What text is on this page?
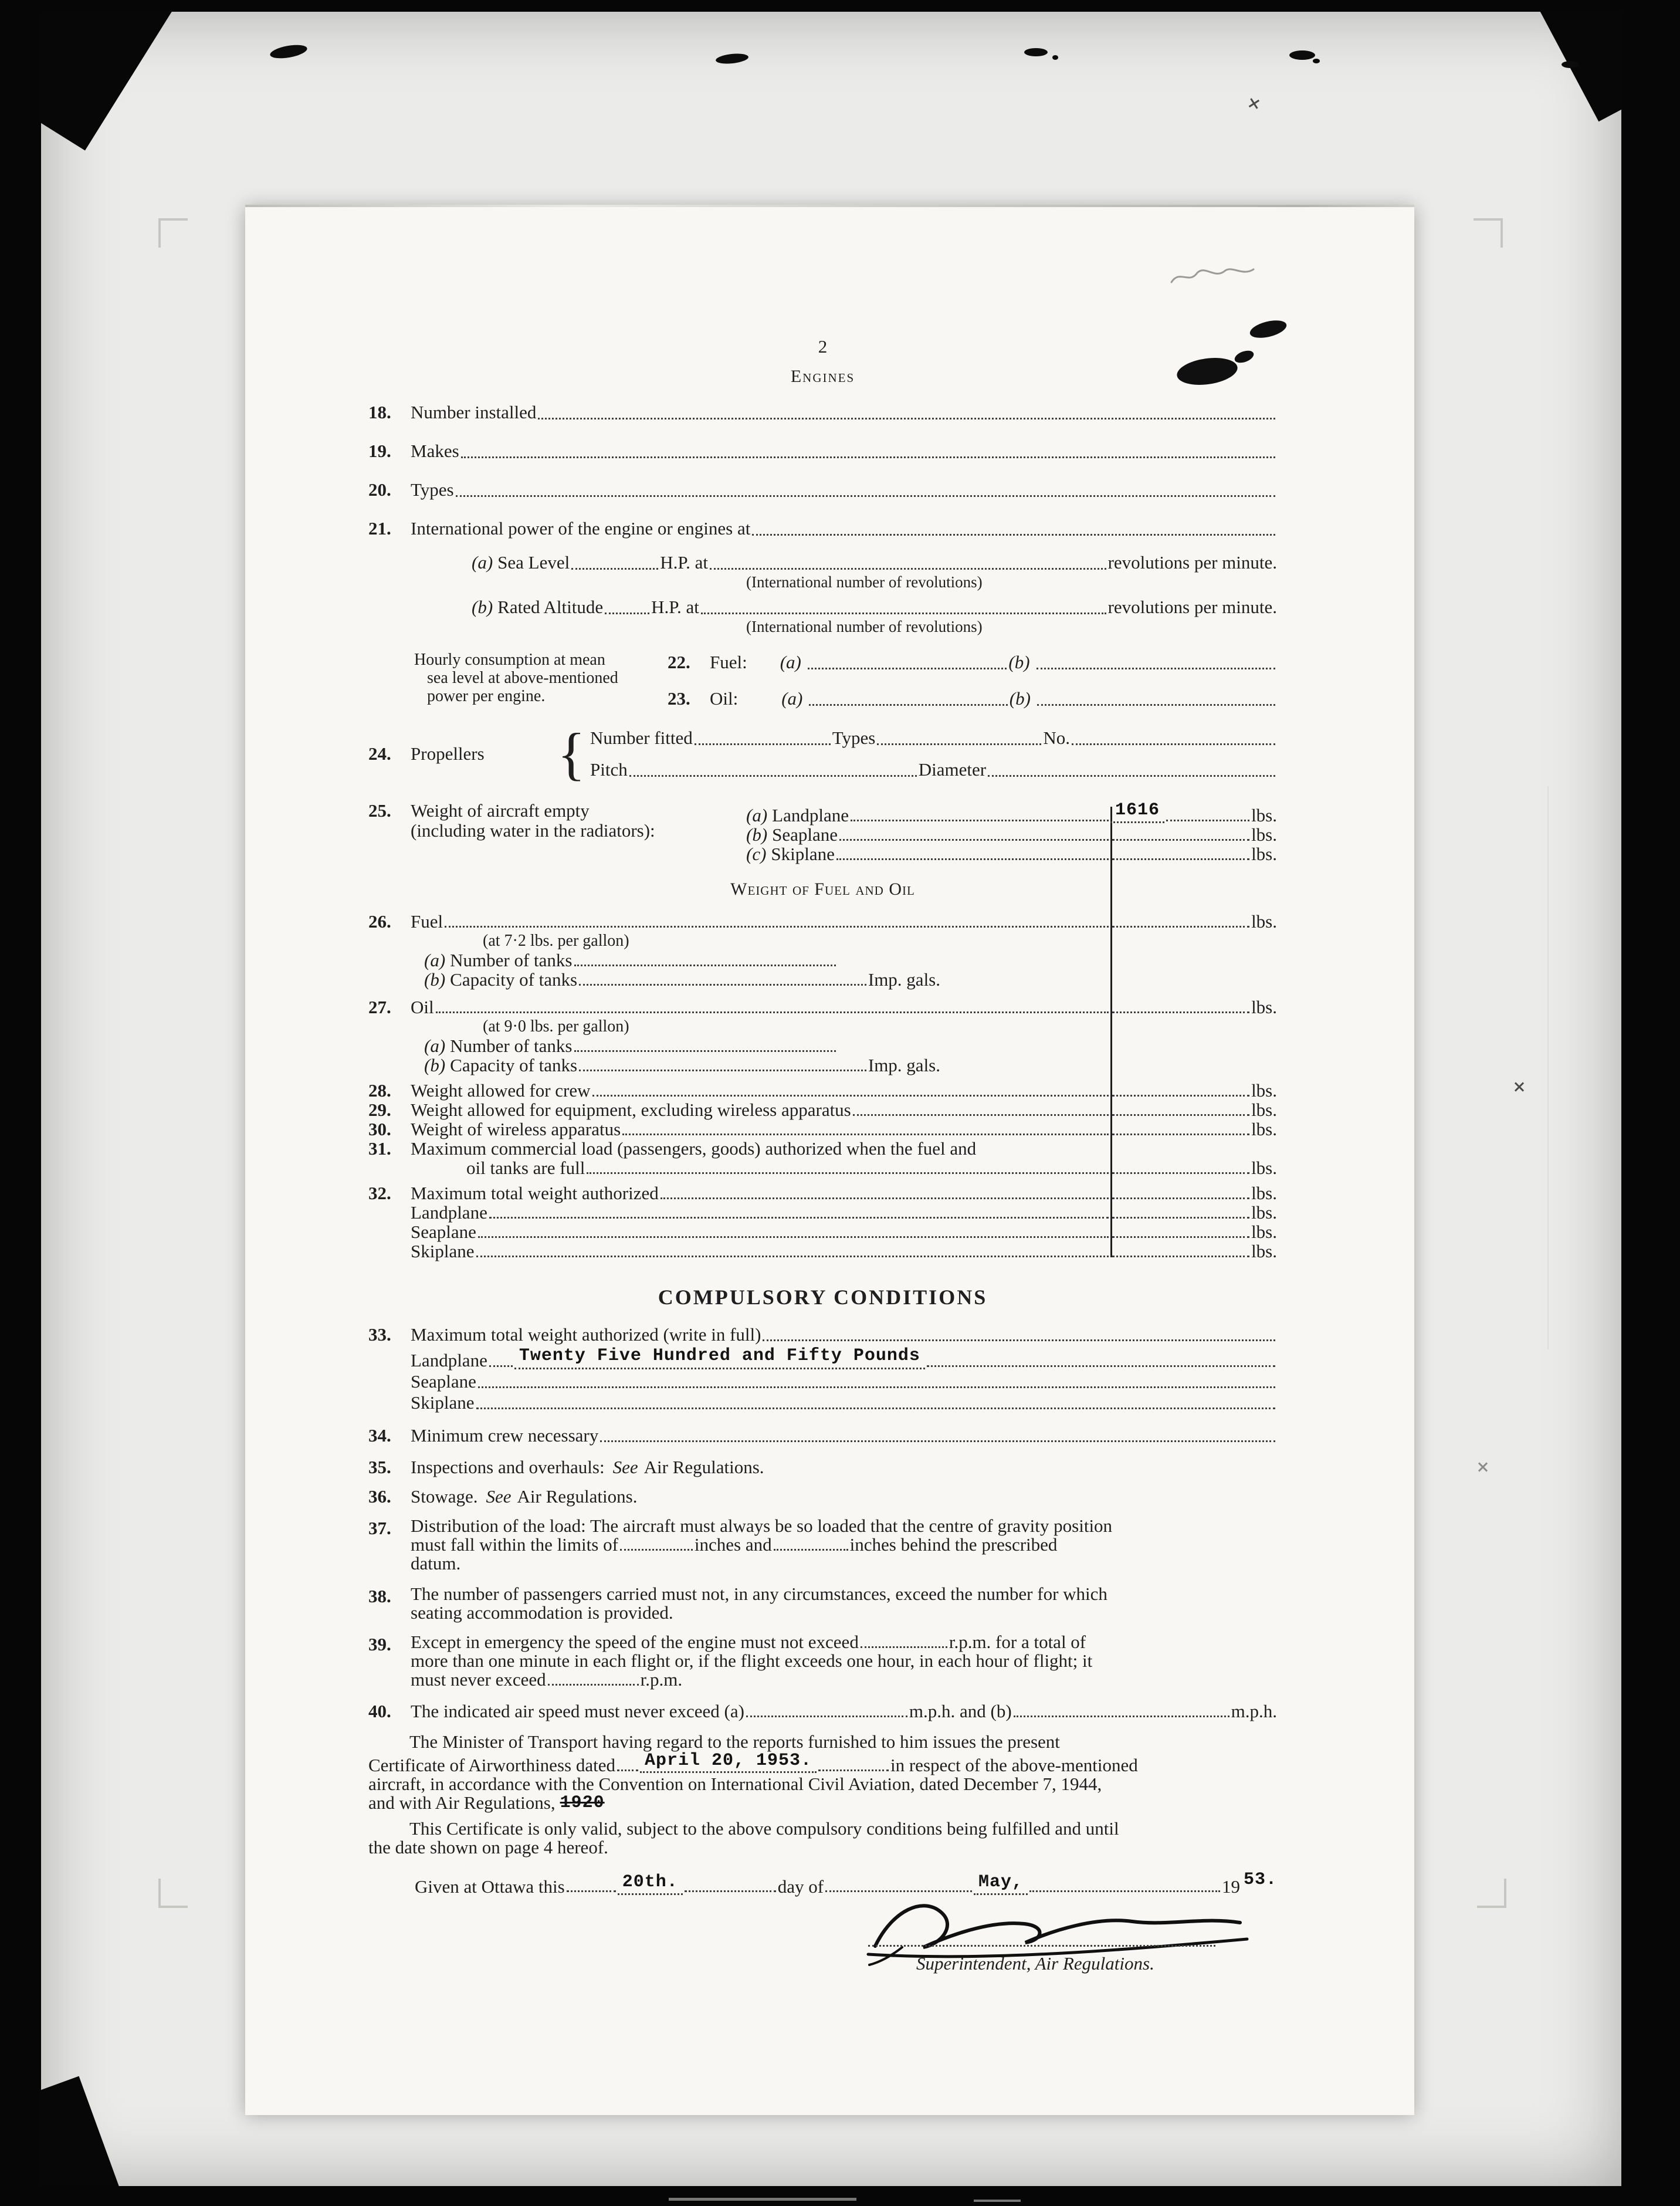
2
Engines
18.	Number installed
19.	Makes
20.	Types
21.	International power of the engine or engines at
(a) Sea Level	H.P. at	revolutions per minute.
(International number of revolutions)
(b) Rated Altitude	H.P. at	revolutions per minute.
(International number of revolutions)
Hourly consumption at mean
sea level at above-mentioned
power per engine.
22.	Fuel: (a)	(b)
23.	Oil: (a)	(b)
24.	Propellers	{ Number fitted	Types	No.
Pitch	Diameter
25.	Weight of aircraft empty
(including water in the radiators):
(a) Landplane	1616	lbs.
(b) Seaplane	lbs.
(c) Skiplane	lbs.
Weight of Fuel and Oil
26.	Fuel	lbs.
(at 7·2 lbs. per gallon)
(a) Number of tanks
(b) Capacity of tanks	Imp. gals.
27.	Oil	lbs.
(at 9·0 lbs. per gallon)
(a) Number of tanks
(b) Capacity of tanks	Imp. gals.
28.	Weight allowed for crew	lbs.
29.	Weight allowed for equipment, excluding wireless apparatus	lbs.
30.	Weight of wireless apparatus	lbs.
31.	Maximum commercial load (passengers, goods) authorized when the fuel and
oil tanks are full	lbs.
32.	Maximum total weight authorized	lbs.
Landplane	lbs.
Seaplane	lbs.
Skiplane	lbs.
COMPULSORY CONDITIONS
33.	Maximum total weight authorized (write in full)
Landplane Twenty Five Hundred and Fifty Pounds
Seaplane
Skiplane
34.	Minimum crew necessary
35.	Inspections and overhauls: See Air Regulations.
36.	Stowage. See Air Regulations.
37.	Distribution of the load: The aircraft must always be so loaded that the centre of gravity position
must fall within the limits of	inches and	inches behind the prescribed
datum.
38.	The number of passengers carried must not, in any circumstances, exceed the number for which
seating accommodation is provided.
39.	Except in emergency the speed of the engine must not exceed	r.p.m. for a total of
more than one minute in each flight or, if the flight exceeds one hour, in each hour of flight; it
must never exceed	r.p.m.
40.	The indicated air speed must never exceed (a)	m.p.h. and (b)	m.p.h.
The Minister of Transport having regard to the reports furnished to him issues the present
Certificate of Airworthiness dated April 20, 1953.	in respect of the above-mentioned
aircraft, in accordance with the Convention on International Civil Aviation, dated December 7, 1944,
and with Air Regulations, 1920
This Certificate is only valid, subject to the above compulsory conditions being fulfilled and until
the date shown on page 4 hereof.
Given at Ottawa this	20th.	day of	May,	19 53.
Superintendent, Air Regulations.
